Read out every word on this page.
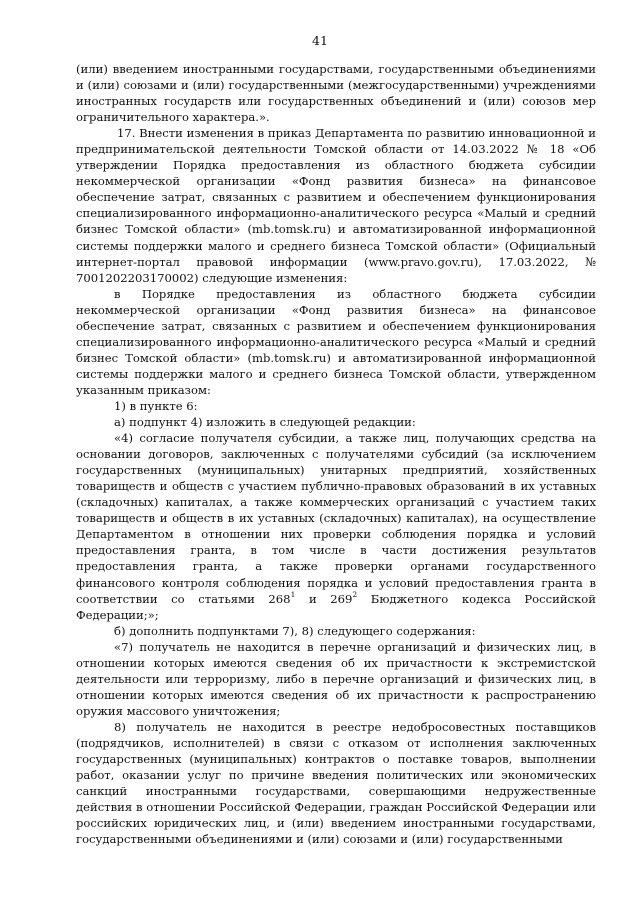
41

(или) введением иностранными государствами, государственными объединениями и (или) союзами и (или) государственными (межгосударственными) учреждениями иностранных государств или государственных объединений и (или) союзов мер ограничительного характера.».

17. Внести изменения в приказ Департамента по развитию инновационной и предпринимательской деятельности Томской области от 14.03.2022 № 18 «Об утверждении Порядка предоставления из областного бюджета субсидии некоммерческой организации «Фонд развития бизнеса» на финансовое обеспечение затрат, связанных с развитием и обеспечением функционирования специализированного информационно-аналитического ресурса «Малый и средний бизнес Томской области» (mb.tomsk.ru) и автоматизированной информационной системы поддержки малого и среднего бизнеса Томской области» (Официальный интернет-портал правовой информации (www.pravo.gov.ru), 17.03.2022, № 7001202203170002) следующие изменения:

в Порядке предоставления из областного бюджета субсидии некоммерческой организации «Фонд развития бизнеса» на финансовое обеспечение затрат, связанных с развитием и обеспечением функционирования специализированного информационно-аналитического ресурса «Малый и средний бизнес Томской области» (mb.tomsk.ru) и автоматизированной информационной системы поддержки малого и среднего бизнеса Томской области, утвержденном указанным приказом:

1) в пункте 6:

а) подпункт 4) изложить в следующей редакции:

«4) согласие получателя субсидии, а также лиц, получающих средства на основании договоров, заключенных с получателями субсидий (за исключением государственных (муниципальных) унитарных предприятий, хозяйственных товариществ и обществ с участием публично-правовых образований в их уставных (складочных) капиталах, а также коммерческих организаций с участием таких товариществ и обществ в их уставных (складочных) капиталах), на осуществление Департаментом в отношении них проверки соблюдения порядка и условий предоставления гранта, в том числе в части достижения результатов предоставления гранта, а также проверки органами государственного финансового контроля соблюдения порядка и условий предоставления гранта в соответствии со статьями $268^1$ и $269^2$ Бюджетного кодекса Российской Федерации;»;

б) дополнить подпунктами 7), 8) следующего содержания:

«7) получатель не находится в перечне организаций и физических лиц, в отношении которых имеются сведения об их причастности к экстремистской деятельности или терроризму, либо в перечне организаций и физических лиц, в отношении которых имеются сведения об их причастности к распространению оружия массового уничтожения;

8) получатель не находится в реестре недобросовестных поставщиков (подрядчиков, исполнителей) в связи с отказом от исполнения заключенных государственных (муниципальных) контрактов о поставке товаров, выполнении работ, оказании услуг по причине введения политических или экономических санкций иностранными государствами, совершающими недружественные действия в отношении Российской Федерации, граждан Российской Федерации или российских юридических лиц, и (или) введением иностранными государствами, государственными объединениями и (или) союзами и (или) государственными
